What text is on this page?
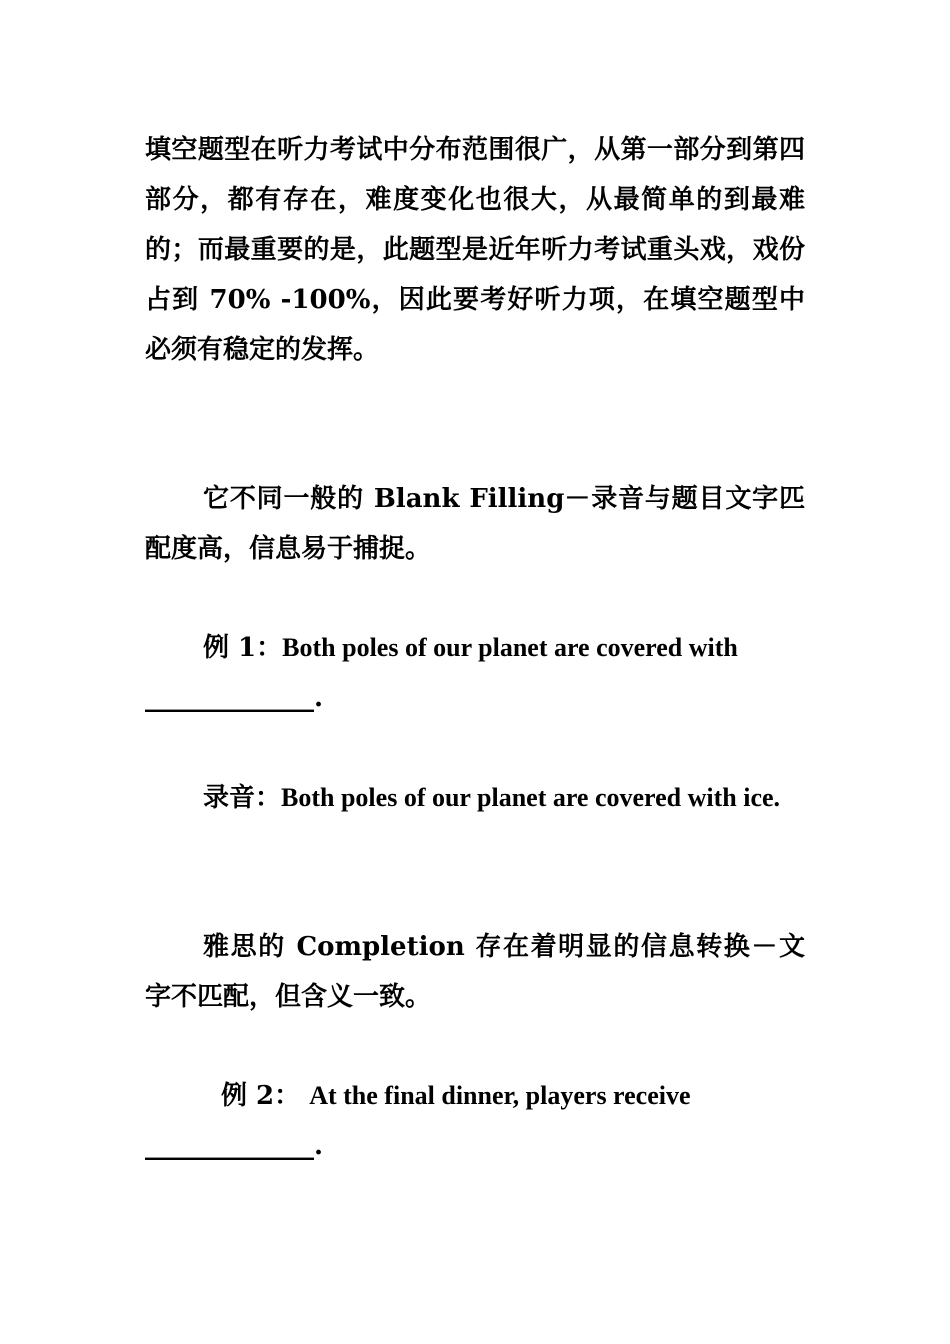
填空题型在听力考试中分布范围很广，从第一部分到第四部分，都有存在，难度变化也很大，从最简单的到最难的；而最重要的是，此题型是近年听力考试重头戏，戏份占到 70% -100%，因此要考好听力项，在填空题型中必须有稳定的发挥。

它不同一般的 Blank Filling－录音与题目文字匹配度高，信息易于捕捉。

例 1：Both poles of our planet are covered with
_____________.

录音：Both poles of our planet are covered with ice.

雅思的 Completion 存在着明显的信息转换－文字不匹配，但含义一致。

例 2： At the final dinner, players receive
_____________.
